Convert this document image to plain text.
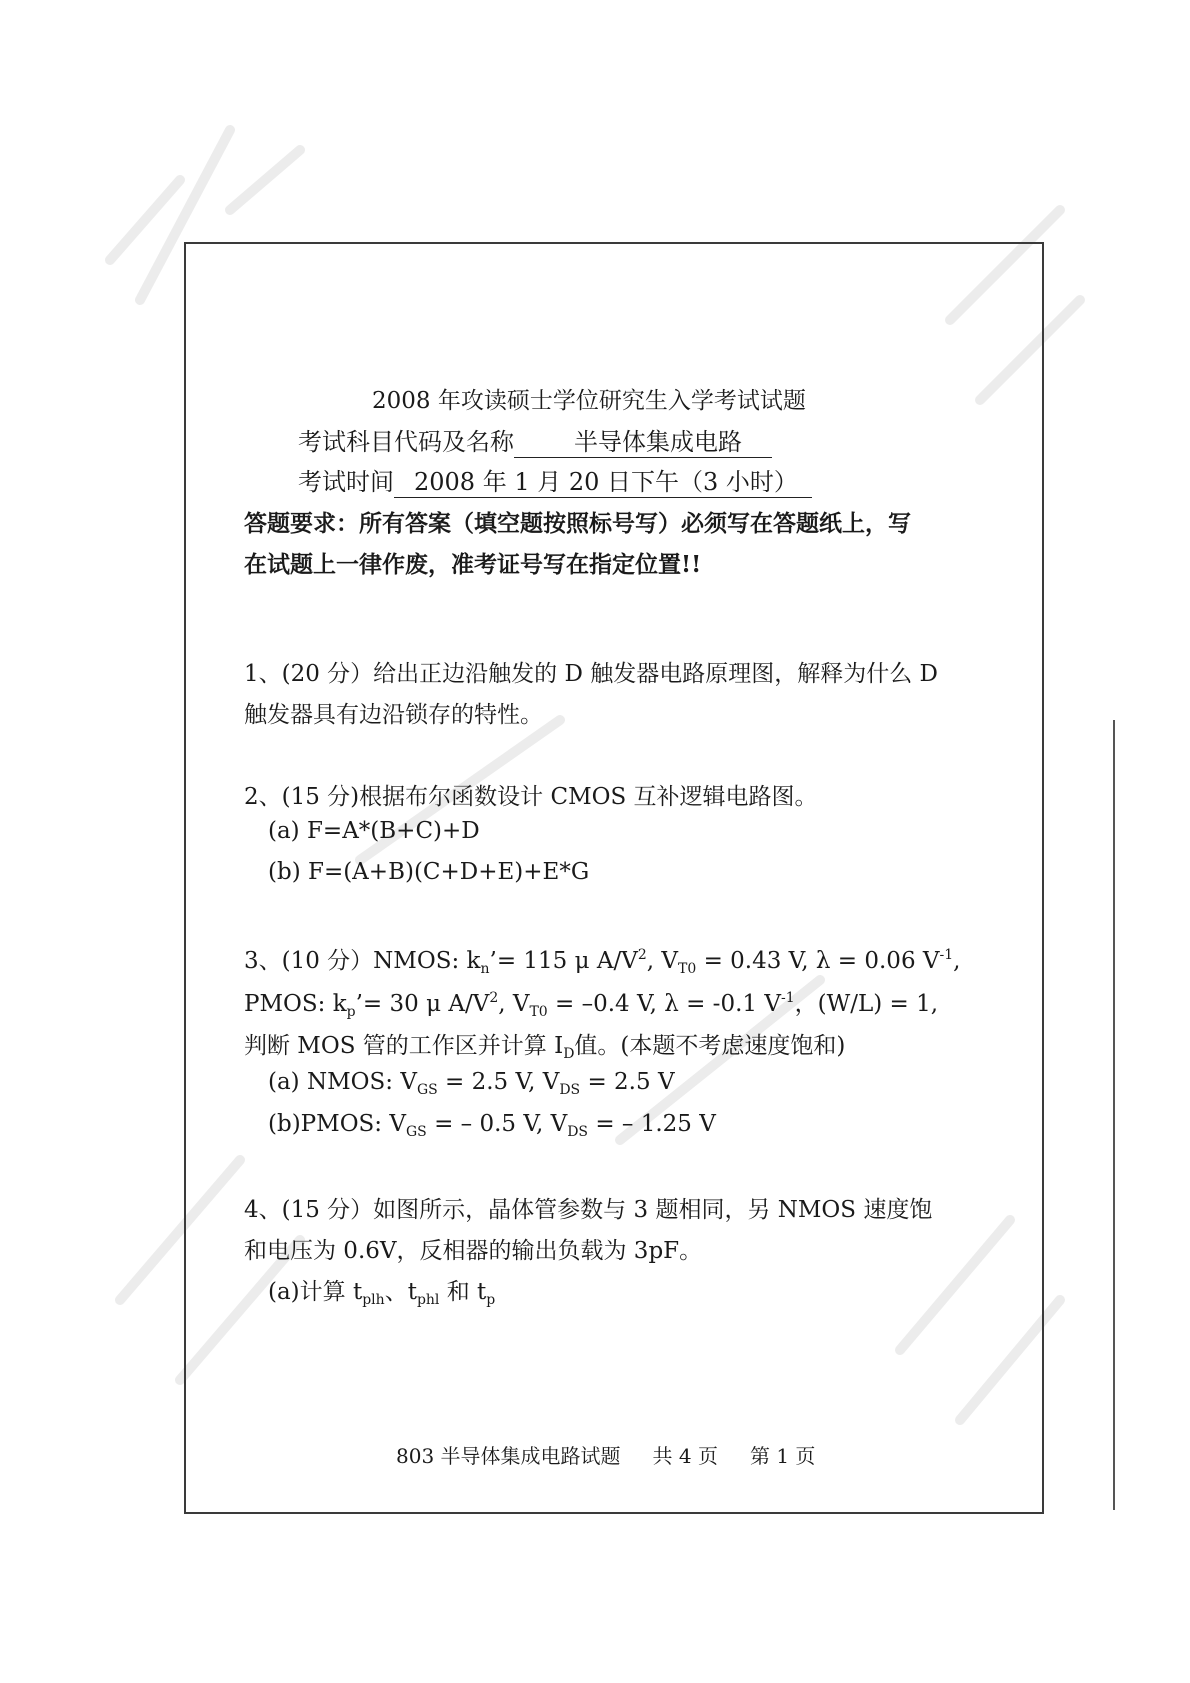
2008 年攻读硕士学位研究生入学考试试题
考试科目代码及名称	半导体集成电路
考试时间 2008 年 1 月 20 日下午（3 小时）
答题要求：所有答案（填空题按照标号写）必须写在答题纸上，写
在试题上一律作废，准考证号写在指定位置!!
1、(20 分）给出正边沿触发的 D 触发器电路原理图，解释为什么 D
触发器具有边沿锁存的特性。
2、(15 分)根据布尔函数设计 CMOS 互补逻辑电路图。
(a) F=A*(B+C)+D
(b) F=(A+B)(C+D+E)+E*G
3、(10 分）NMOS: $k_n’= 115$ μ $A/V^2$, $V_{T0} = 0.43$ V, λ = 0.06 $V^{-1}$,
PMOS: $k_p’= 30$ μ $A/V^2$, $V_{T0} = -0.4$ V, λ = -0.1 $V^{-1}$，(W/L) = 1,
判断 MOS 管的工作区并计算 $I_D$值。(本题不考虑速度饱和)
(a) NMOS: $V_{GS} = 2.5$ V, $V_{DS} = 2.5$ V
(b)PMOS: $V_{GS}$ = – 0.5 V, $V_{DS}$ = – 1.25 V
4、(15 分）如图所示，晶体管参数与 3 题相同，另 NMOS 速度饱
和电压为 0.6V，反相器的输出负载为 3pF。
(a)计算 $t_{plh}$、$t_{phl}$ 和 $t_p$
803 半导体集成电路试题 共 4 页 第 1 页
